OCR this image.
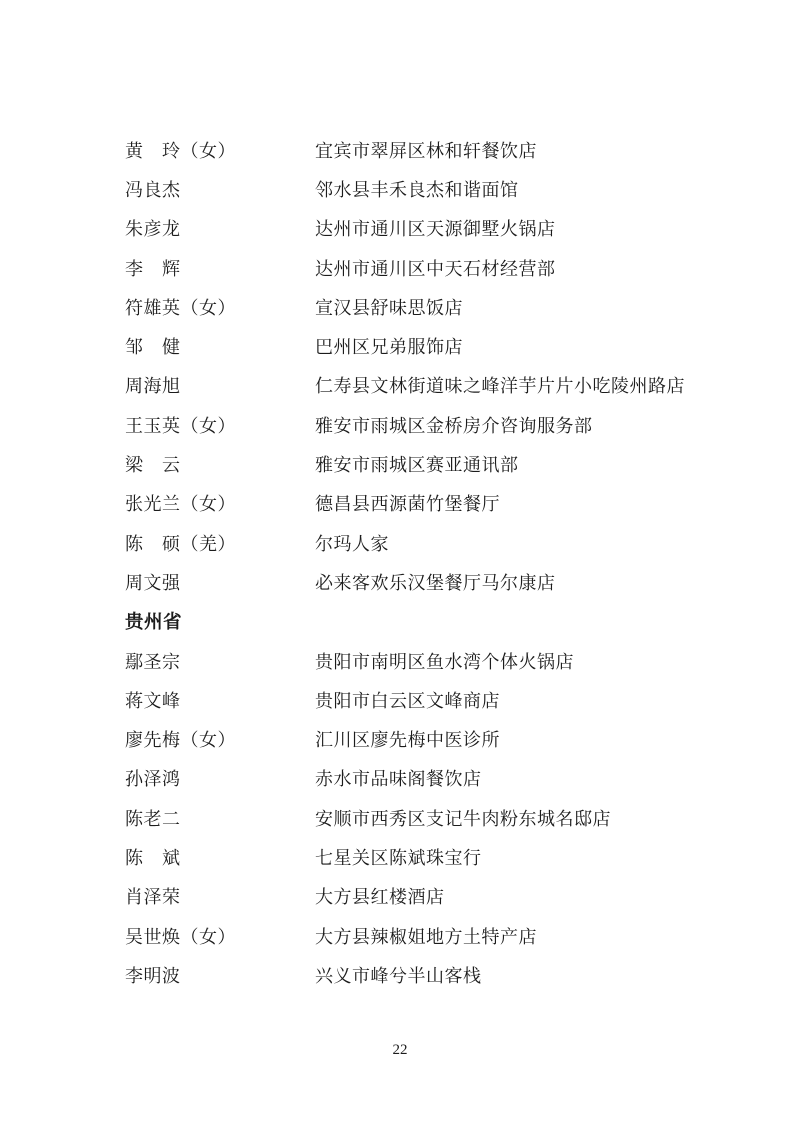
黄　玲（女）	宜宾市翠屏区林和轩餐饮店
冯良杰	邻水县丰禾良杰和谐面馆
朱彦龙	达州市通川区天源御墅火锅店
李　辉	达州市通川区中天石材经营部
符雄英（女）	宣汉县舒味思饭店
邹　健	巴州区兄弟服饰店
周海旭	仁寿县文林街道味之峰洋芋片片小吃陵州路店
王玉英（女）	雅安市雨城区金桥房介咨询服务部
梁　云	雅安市雨城区赛亚通讯部
张光兰（女）	德昌县西源菌竹堡餐厅
陈　硕（羌）	尔玛人家
周文强	必来客欢乐汉堡餐厅马尔康店
贵州省
鄢圣宗	贵阳市南明区鱼水湾个体火锅店
蒋文峰	贵阳市白云区文峰商店
廖先梅（女）	汇川区廖先梅中医诊所
孙泽鸿	赤水市品味阁餐饮店
陈老二	安顺市西秀区支记牛肉粉东城名邸店
陈　斌	七星关区陈斌珠宝行
肖泽荣	大方县红楼酒店
吴世焕（女）	大方县辣椒姐地方土特产店
李明波	兴义市峰兮半山客栈
22
